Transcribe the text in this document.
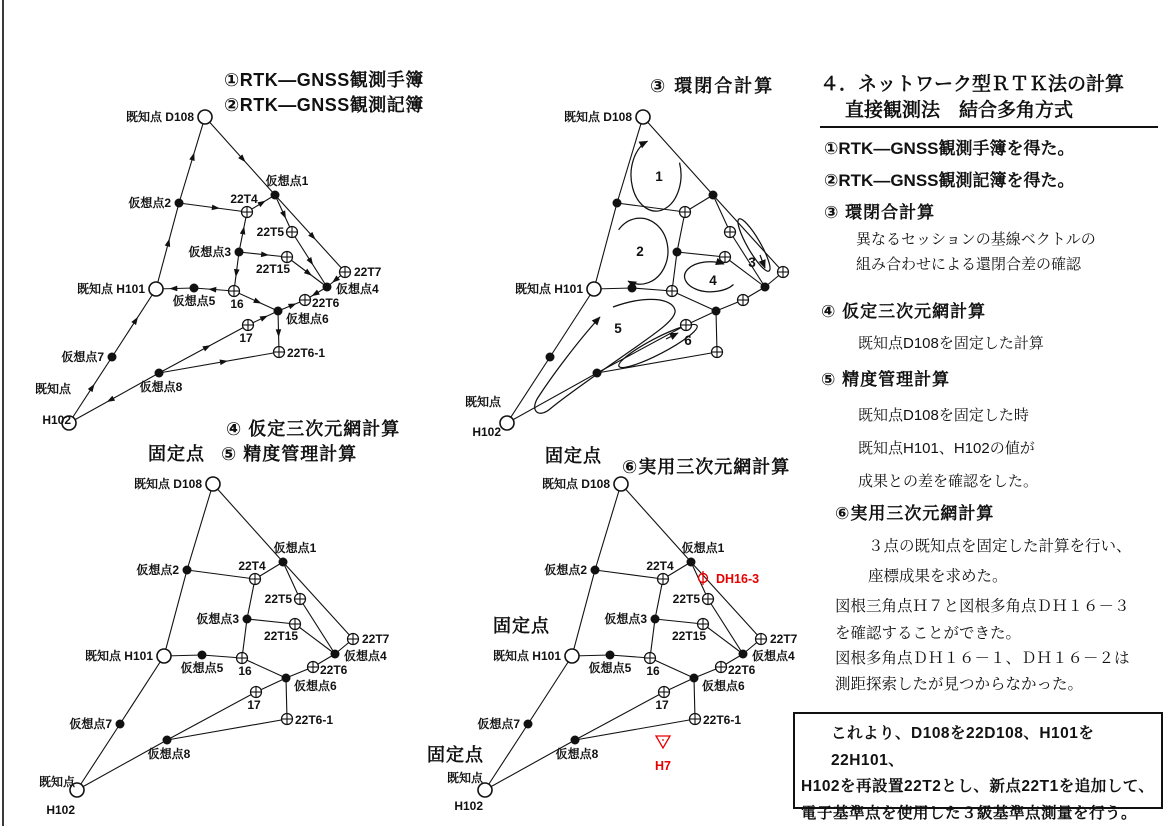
既知点 D108
仮想点1
仮想点2	22T4
22T5
仮想点3
22T15	22T7
既知点 H101
仮想点5 16
仮想点4
22T6
仮想点6
17
22T6-1
仮想点7
仮想点8
既知点
H102
1
2
3
4
5
6
既知点 D108
既知点 H101
既知点
H102
既知点 D108
仮想点1
仮想点2	22T4
22T5
仮想点3
22T15	22T7
既知点 H101
仮想点5 16
仮想点4
22T6
仮想点6
17
22T6-1
仮想点7
仮想点8
既知点
H102
既知点 D108
仮想点1
仮想点2	22T4
22T5
仮想点3
22T15	22T7
既知点 H101
仮想点5 16
仮想点4
22T6
仮想点6
17
22T6-1
仮想点7
仮想点8
既知点
H102
DH16-3
H7
①RTK―GNSS観測手簿
②RTK―GNSS観測記簿
③ 環閉合計算
④ 仮定三次元網計算
固定点 ⑤ 精度管理計算	固定点
⑥実用三次元網計算
固定点
固定点
４．ネットワーク型ＲＴＫ法の計算
直接観測法　結合多角方式
①RTK―GNSS観測手簿を得た。
②RTK―GNSS観測記簿を得た。
③ 環閉合計算
異なるセッションの基線ベクトルの
組み合わせによる還閉合差の確認
④ 仮定三次元網計算
既知点D108を固定した計算
⑤ 精度管理計算
既知点D108を固定した時
既知点H101、H102の値が
成果との差を確認をした。
⑥実用三次元網計算
３点の既知点を固定した計算を行い、
座標成果を求めた。
図根三角点Ｈ７と図根多角点ＤＨ１６－３
を確認することができた。
図根多角点ＤＨ１６－１、ＤＨ１６－２は
測距探索したが見つからなかった。
これより、D108を22D108、H101を22H101、
H102を再設置22T2とし、新点22T1を追加して、
電子基準点を使用した３級基準点測量を行う。
